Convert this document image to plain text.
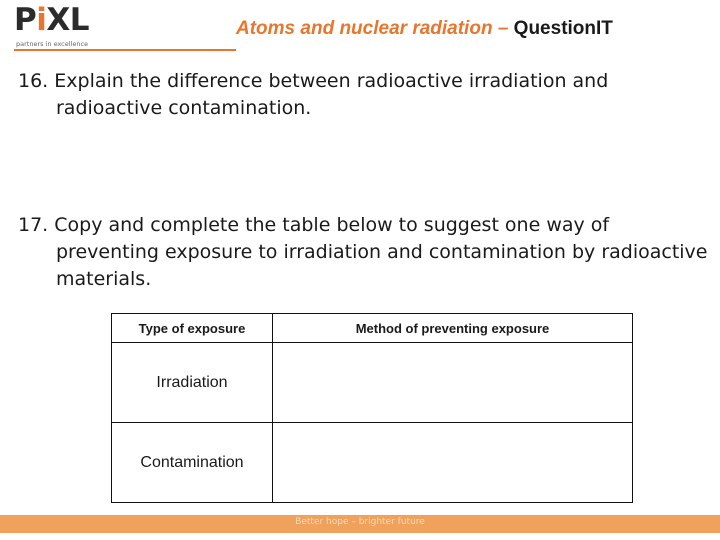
PiXL
partners in excellence
Atoms and nuclear radiation – QuestionIT
16. Explain the difference between radioactive irradiation and
radioactive contamination.
17. Copy and complete the table below to suggest one way of
preventing exposure to irradiation and contamination by radioactive materials.
Type of exposure	Method of preventing exposure
Irradiation	
Contamination	
Better hope – brighter future
